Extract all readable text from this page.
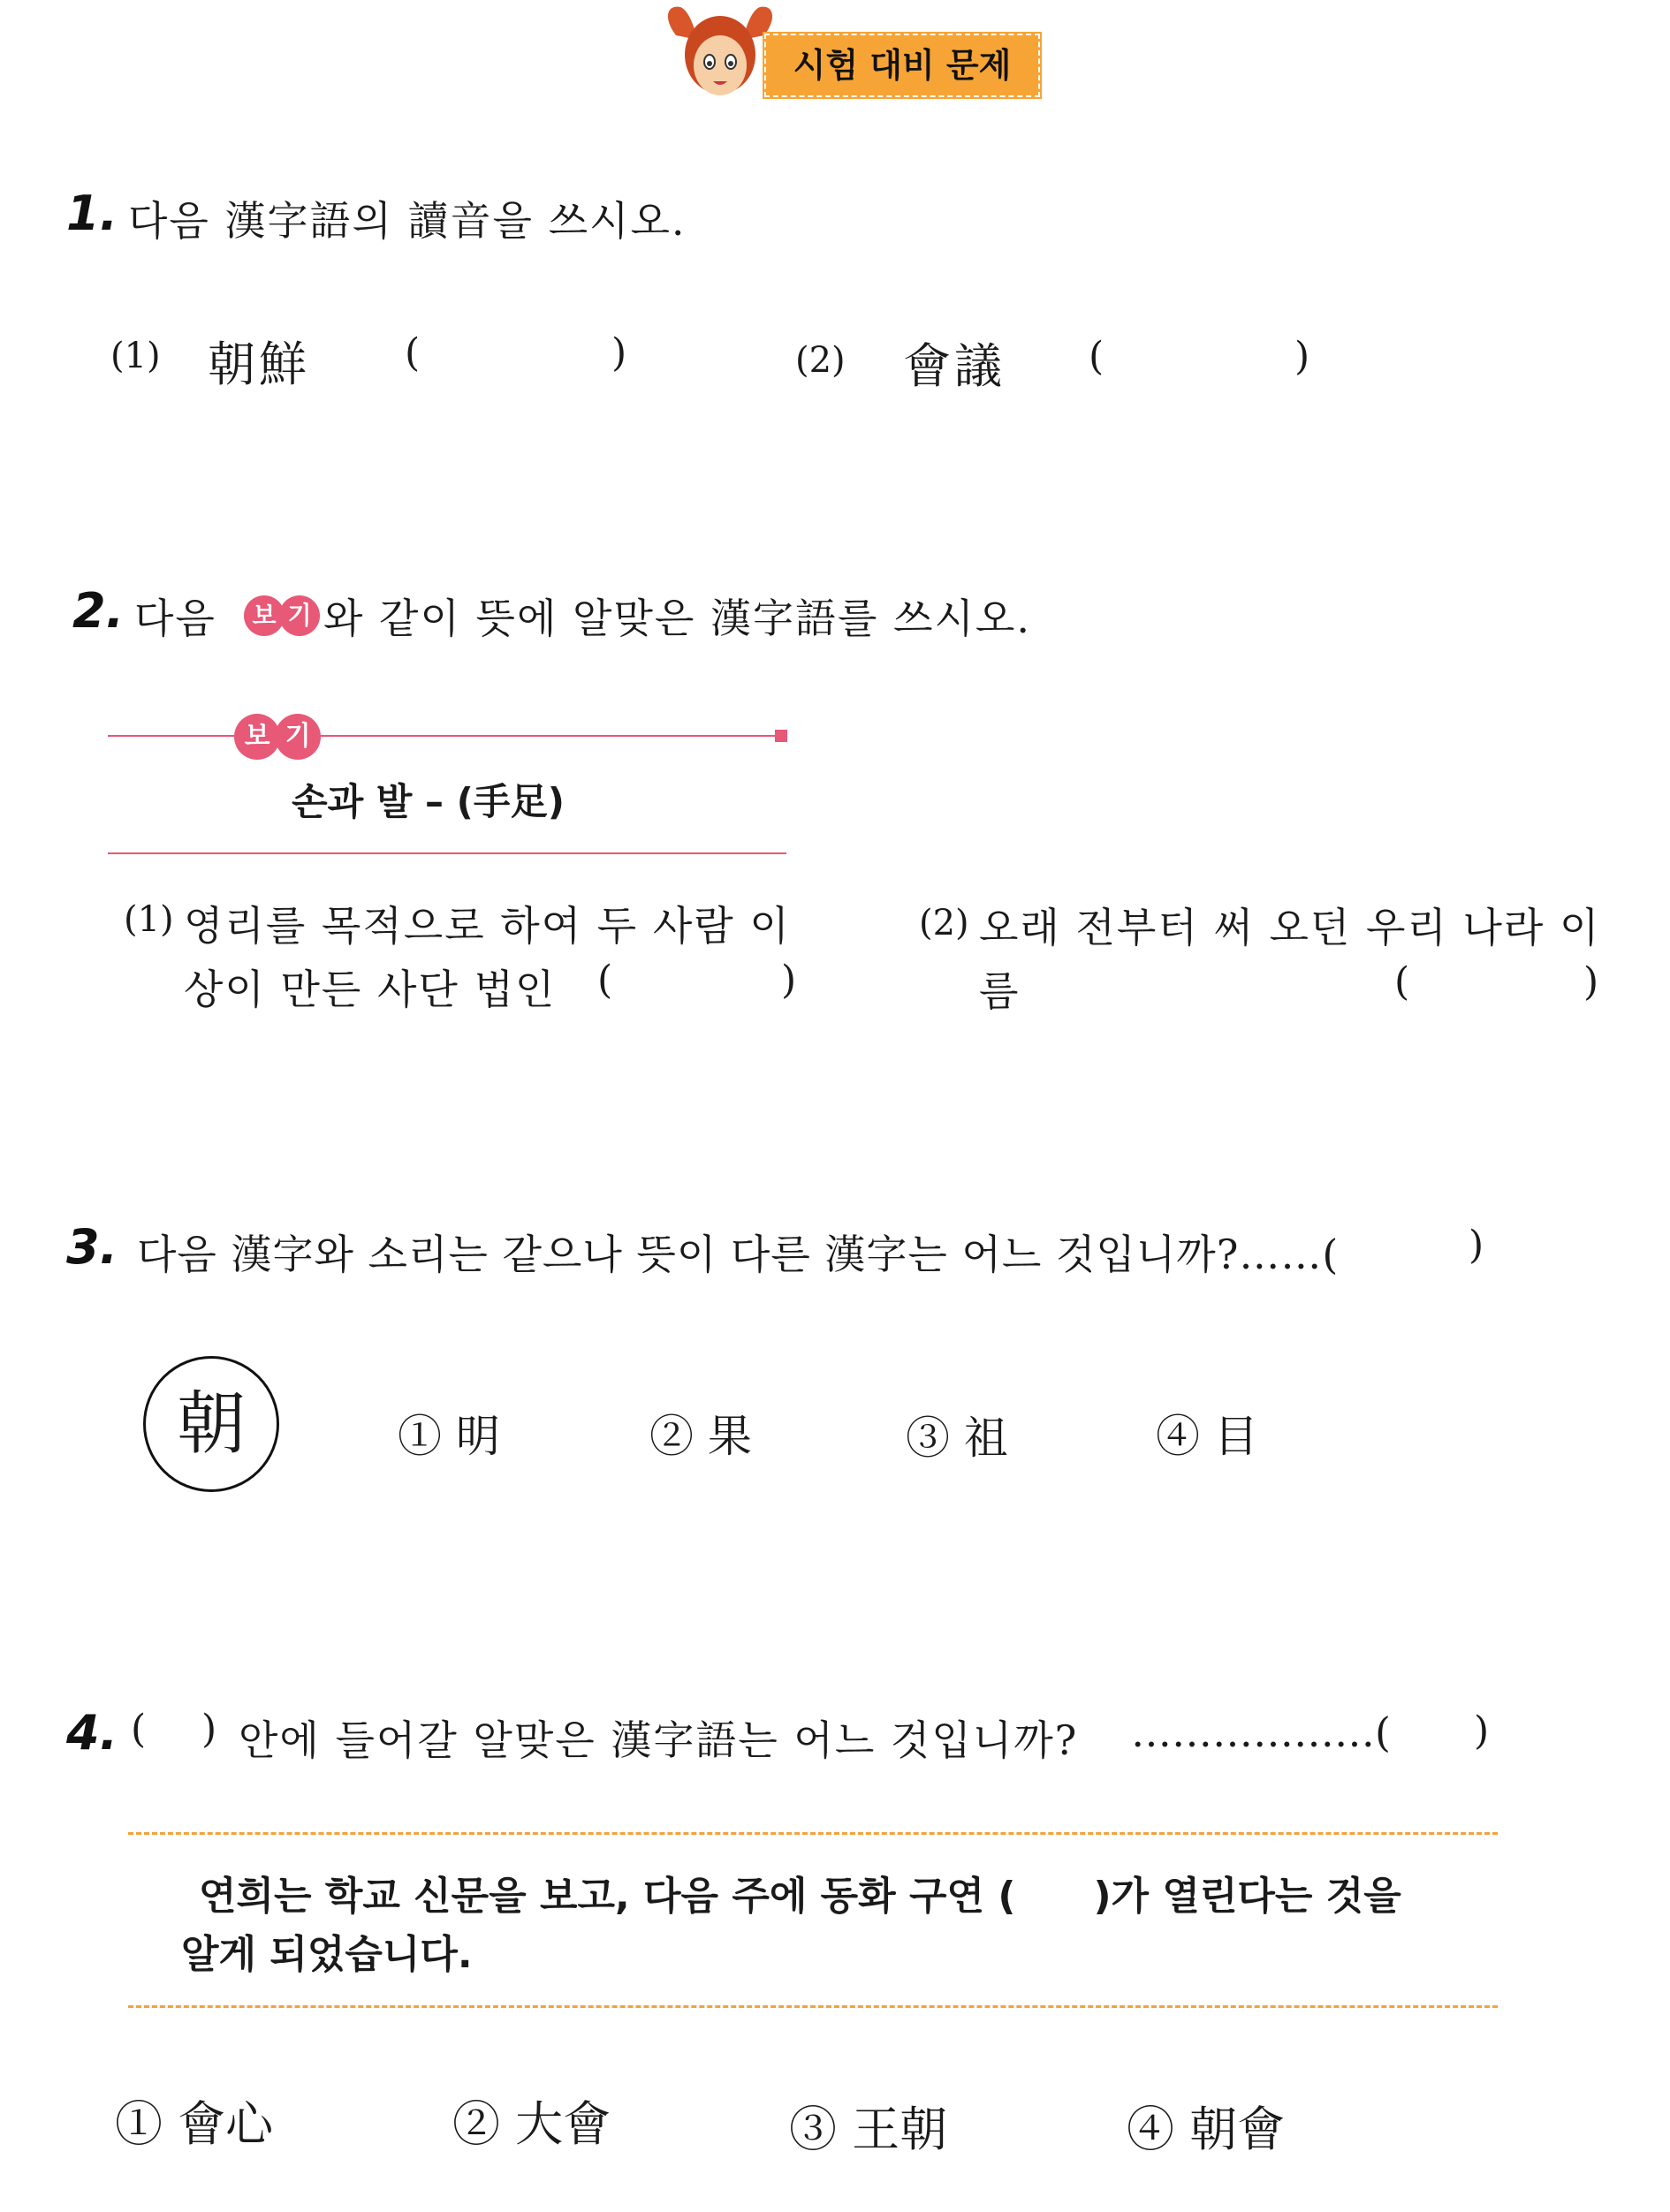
시험 대비 문제
1. 다음 漢字語의 讀音을 쓰시오.
(1) 朝鮮 (	)	(2) 會議 (	)
2. 다음	보 기
와 같이 뜻에 알맞은 漢字語를 쓰시오.
보 기
손과 발 – (手足)
(1) 영리를 목적으로 하여 두 사람 이
상이 만든 사단 법인 (	)
(2) 오래 전부터 써 오던 우리 나라 이
름	(	)
3. 다음 漢字와 소리는 같으나 뜻이 다른 漢字는 어느 것입니까?……(	)
朝	① 明	② 果	③ 祖	④ 目
4. ( ) 안에 들어갈 알맞은 漢字語는 어느 것입니까? ………………( )
연희는 학교 신문을 보고, 다음 주에 동화 구연 (　　)가 열린다는 것을
알게 되었습니다.
① 會心	② 大會	③ 王朝	④ 朝會
